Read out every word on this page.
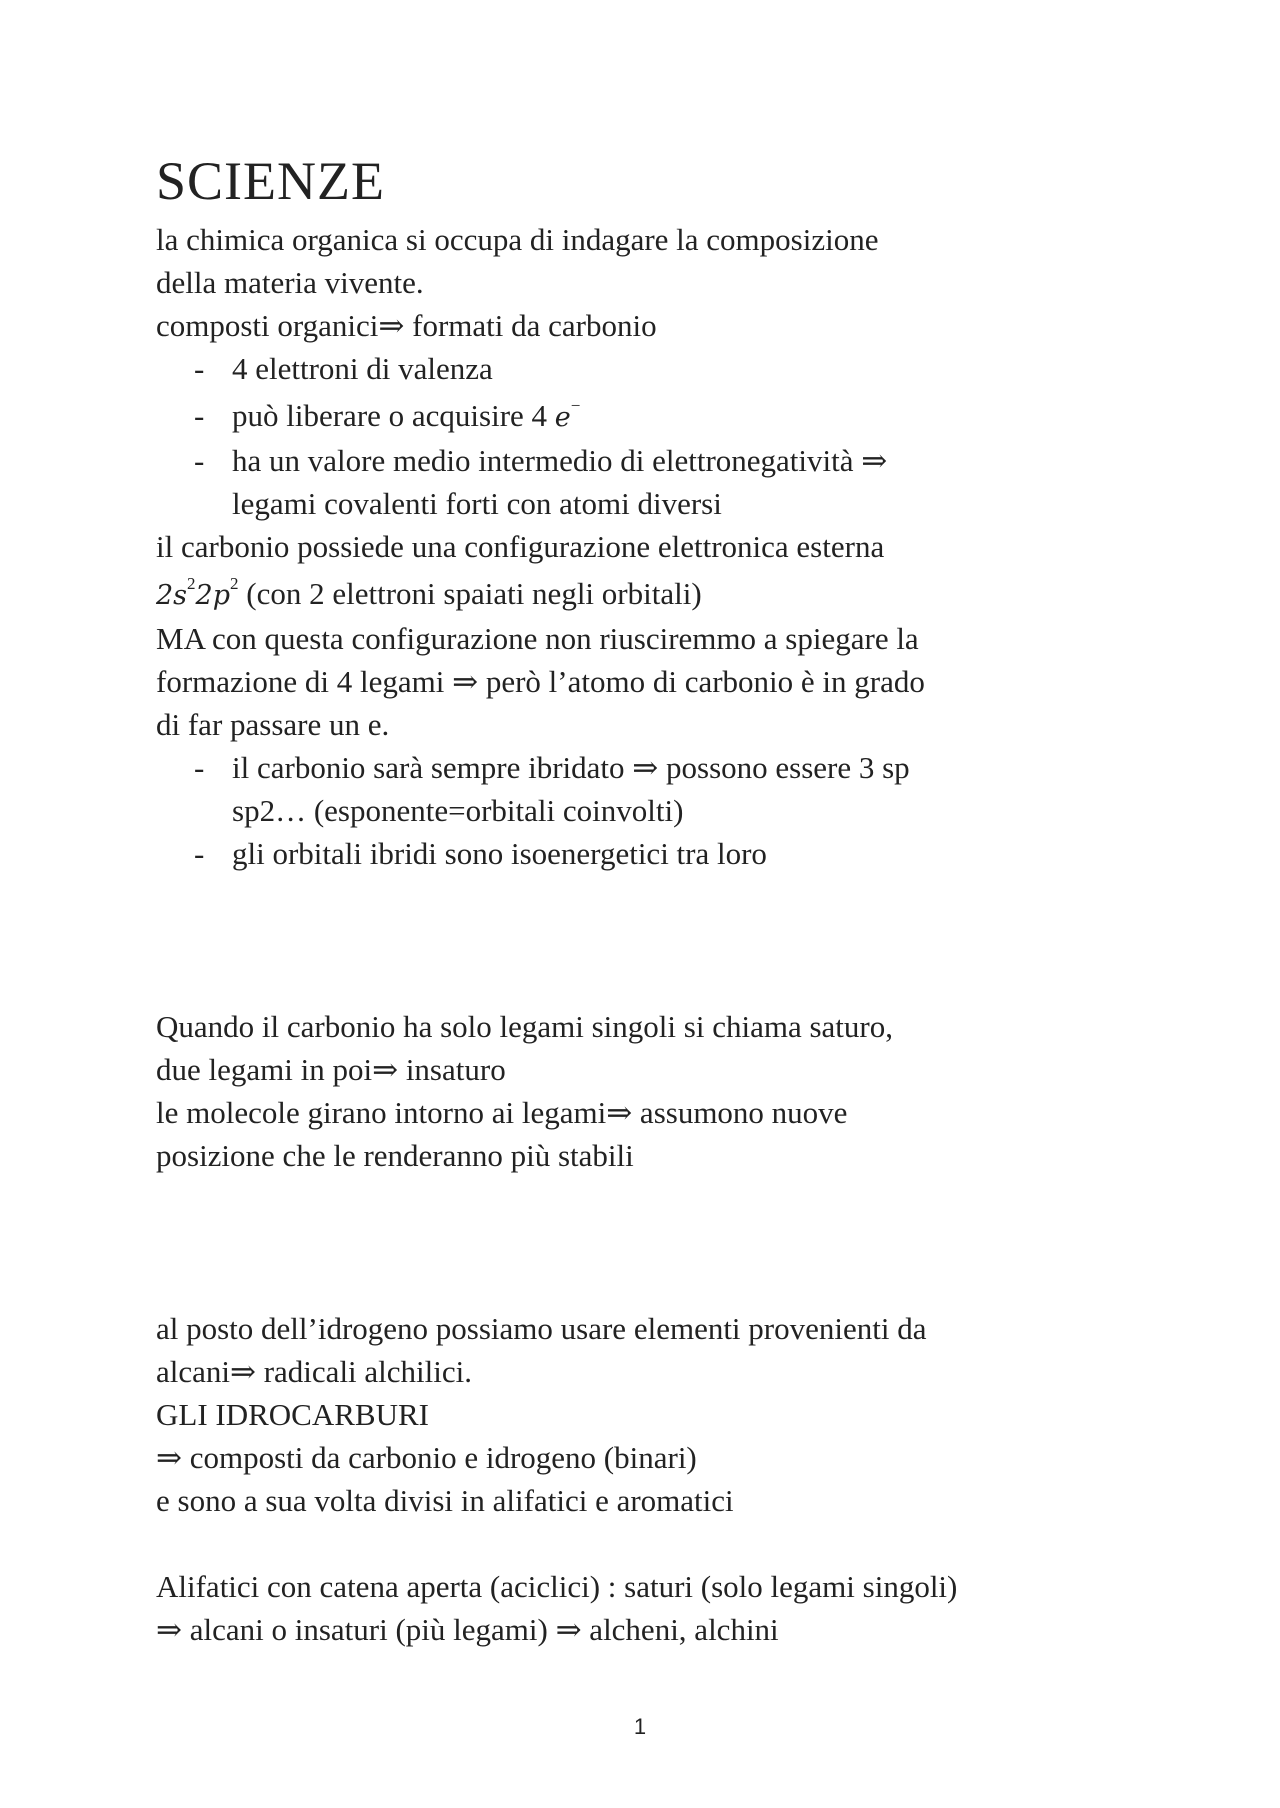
SCIENZE
la chimica organica si occupa di indagare la composizione
della materia vivente.
composti organici⇒ formati da carbonio
- 4 elettroni di valenza
- può liberare o acquisire 4 e−
- ha un valore medio intermedio di elettronegatività ⇒
legami covalenti forti con atomi diversi
il carbonio possiede una configurazione elettronica esterna
$2s^22p^2$ (con 2 elettroni spaiati negli orbitali)
MA con questa configurazione non riusciremmo a spiegare la
formazione di 4 legami ⇒ però l’atomo di carbonio è in grado
di far passare un e.
- il carbonio sarà sempre ibridato ⇒ possono essere 3 sp
sp2… (esponente=orbitali coinvolti)
- gli orbitali ibridi sono isoenergetici tra loro
Quando il carbonio ha solo legami singoli si chiama saturo,
due legami in poi⇒ insaturo
le molecole girano intorno ai legami⇒ assumono nuove
posizione che le renderanno più stabili
al posto dell’idrogeno possiamo usare elementi provenienti da
alcani⇒ radicali alchilici.
GLI IDROCARBURI
⇒ composti da carbonio e idrogeno (binari)
e sono a sua volta divisi in alifatici e aromatici
Alifatici con catena aperta (aciclici) : saturi (solo legami singoli)
⇒ alcani o insaturi (più legami) ⇒ alcheni, alchini
1
